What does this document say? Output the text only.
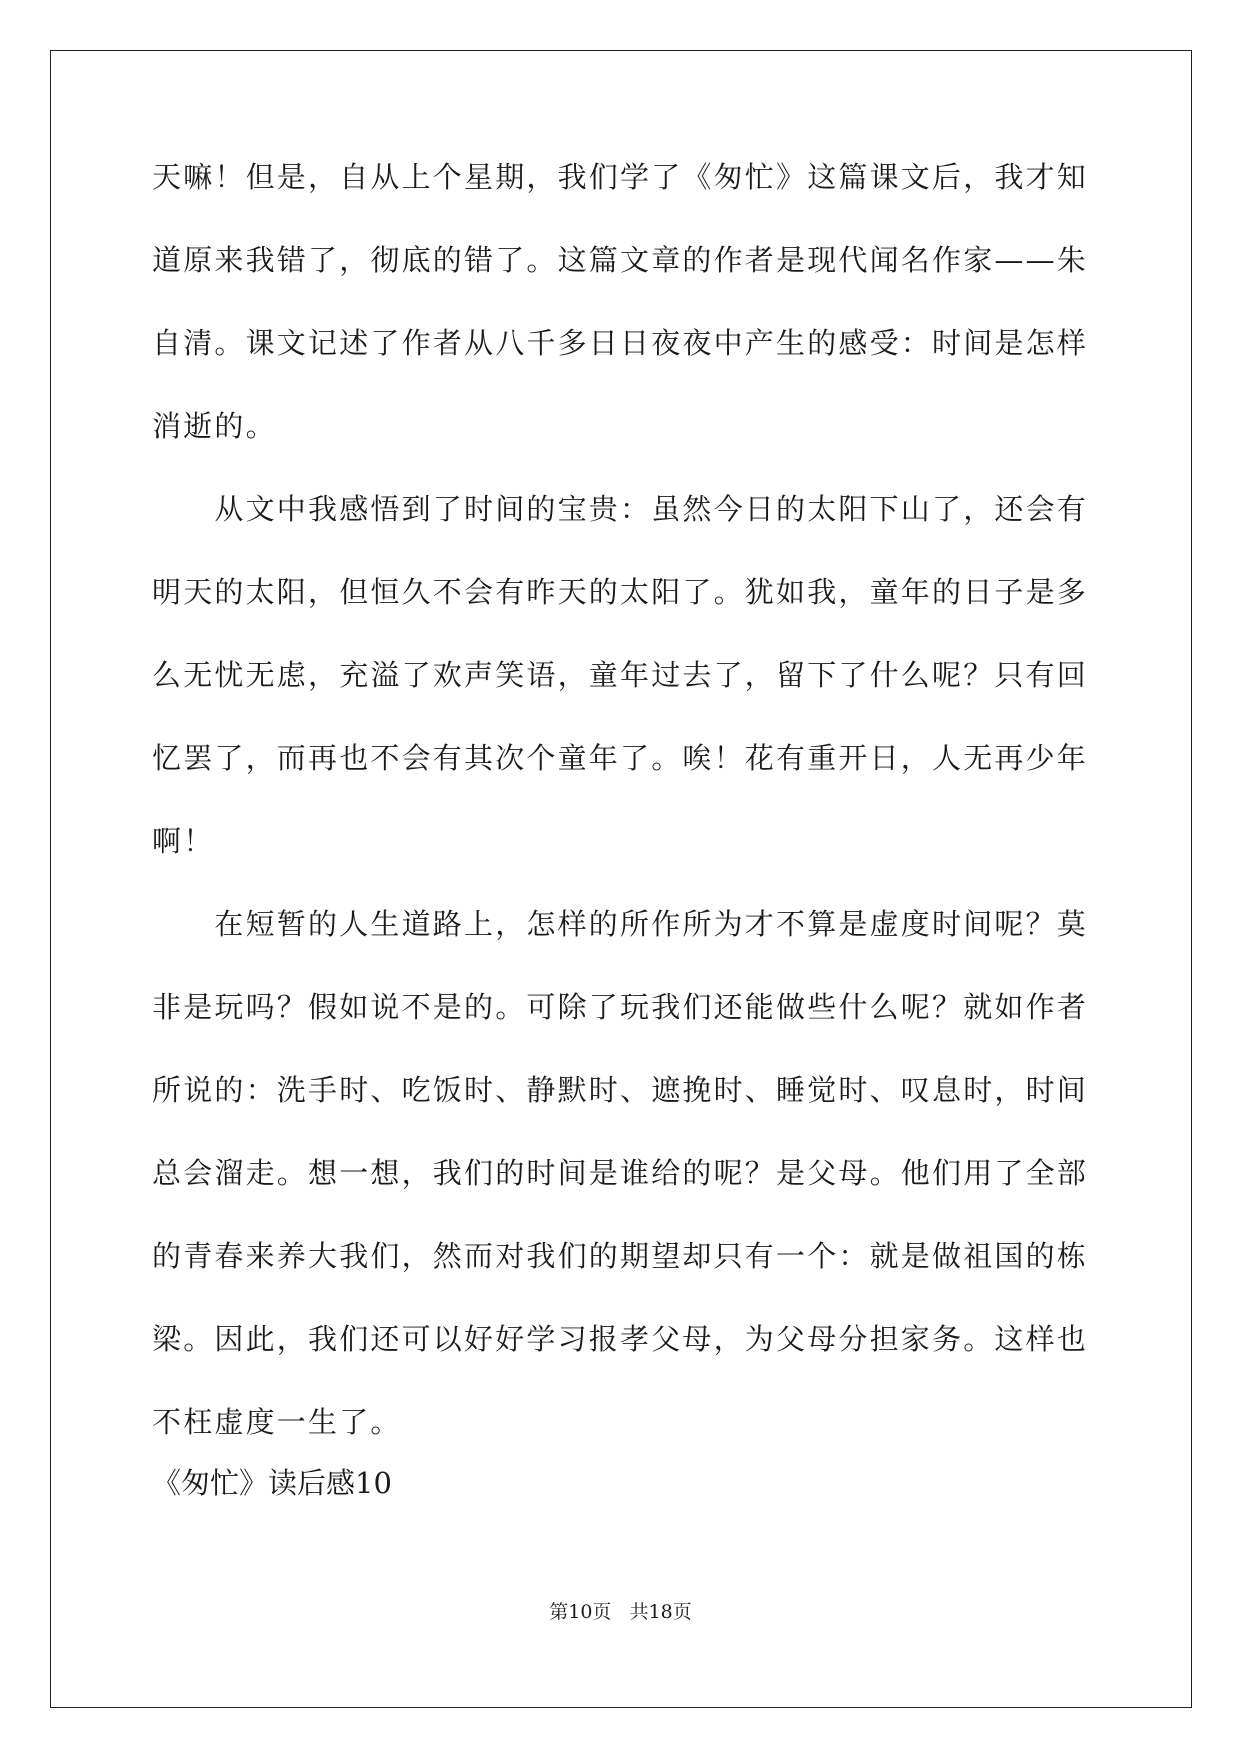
天嘛！但是，自从上个星期，我们学了《匆忙》这篇课文后，我才知
道原来我错了，彻底的错了。这篇文章的作者是现代闻名作家——朱
自清。课文记述了作者从八千多日日夜夜中产生的感受：时间是怎样
消逝的。
　　从文中我感悟到了时间的宝贵：虽然今日的太阳下山了，还会有
明天的太阳，但恒久不会有昨天的太阳了。犹如我，童年的日子是多
么无忧无虑，充溢了欢声笑语，童年过去了，留下了什么呢？只有回
忆罢了，而再也不会有其次个童年了。唉！花有重开日，人无再少年
啊！
　　在短暂的人生道路上，怎样的所作所为才不算是虚度时间呢？莫
非是玩吗？假如说不是的。可除了玩我们还能做些什么呢？就如作者
所说的：洗手时、吃饭时、静默时、遮挽时、睡觉时、叹息时，时间
总会溜走。想一想，我们的时间是谁给的呢？是父母。他们用了全部
的青春来养大我们，然而对我们的期望却只有一个：就是做祖国的栋
梁。因此，我们还可以好好学习报孝父母，为父母分担家务。这样也
不枉虚度一生了。
《匆忙》读后感10
第10页 共18页
